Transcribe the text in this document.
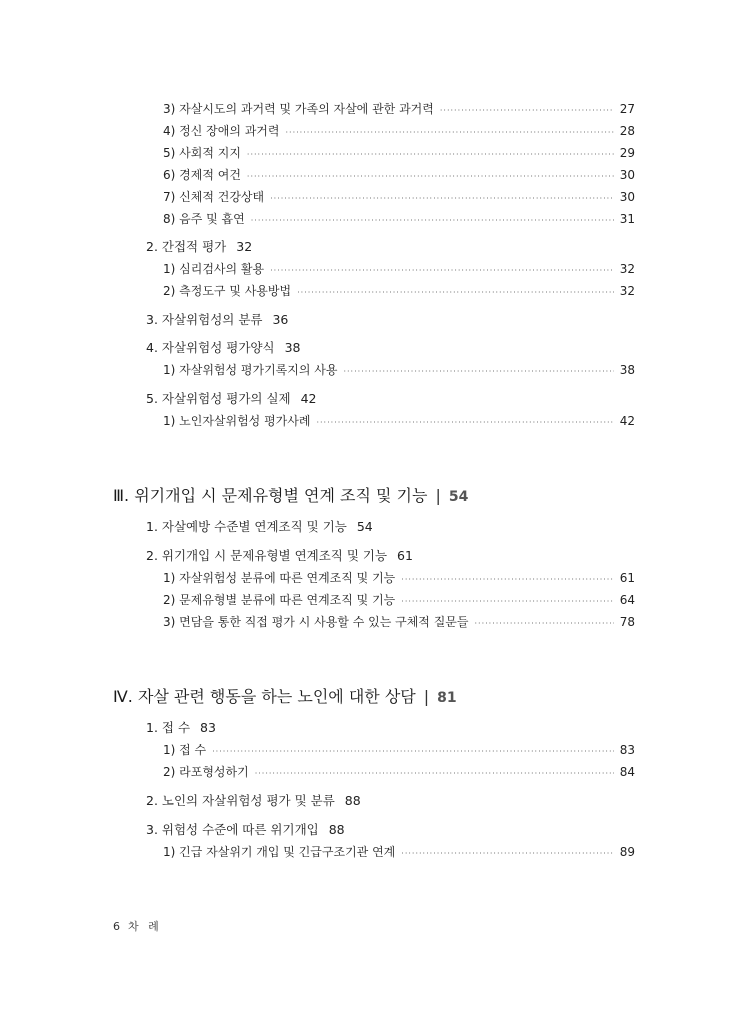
3) 자살시도의 과거력 및 가족의 자살에 관한 과거력 ·····	27
4) 정신 장애의 과거력 ·····	28
5) 사회적 지지 ·····	29
6) 경제적 여건 ·····	30
7) 신체적 건강상태 ·····	30
8) 음주 및 흡연 ·····	31
2. 간접적 평가 32
1) 심리검사의 활용 ·····	32
2) 측정도구 및 사용방법 ·····	32
3. 자살위험성의 분류 36
4. 자살위험성 평가양식 38
1) 자살위험성 평가기록지의 사용 ·····	38
5. 자살위험성 평가의 실제 42
1) 노인자살위험성 평가사례 ·····	42
Ⅲ. 위기개입 시 문제유형별 연계 조직 및 기능 | 54
1. 자살예방 수준별 연계조직 및 기능 54
2. 위기개입 시 문제유형별 연계조직 및 기능 61
1) 자살위험성 분류에 따른 연계조직 및 기능 ·····	61
2) 문제유형별 분류에 따른 연계조직 및 기능 ·····	64
3) 면담을 통한 직접 평가 시 사용할 수 있는 구체적 질문들 ·····	78
Ⅳ. 자살 관련 행동을 하는 노인에 대한 상담 | 81
1. 접 수 83
1) 접 수 ·····	83
2) 라포형성하기 ·····	84
2. 노인의 자살위험성 평가 및 분류 88
3. 위험성 수준에 따른 위기개입 88
1) 긴급 자살위기 개입 및 긴급구조기관 연계 ·····	89
6 차 례
